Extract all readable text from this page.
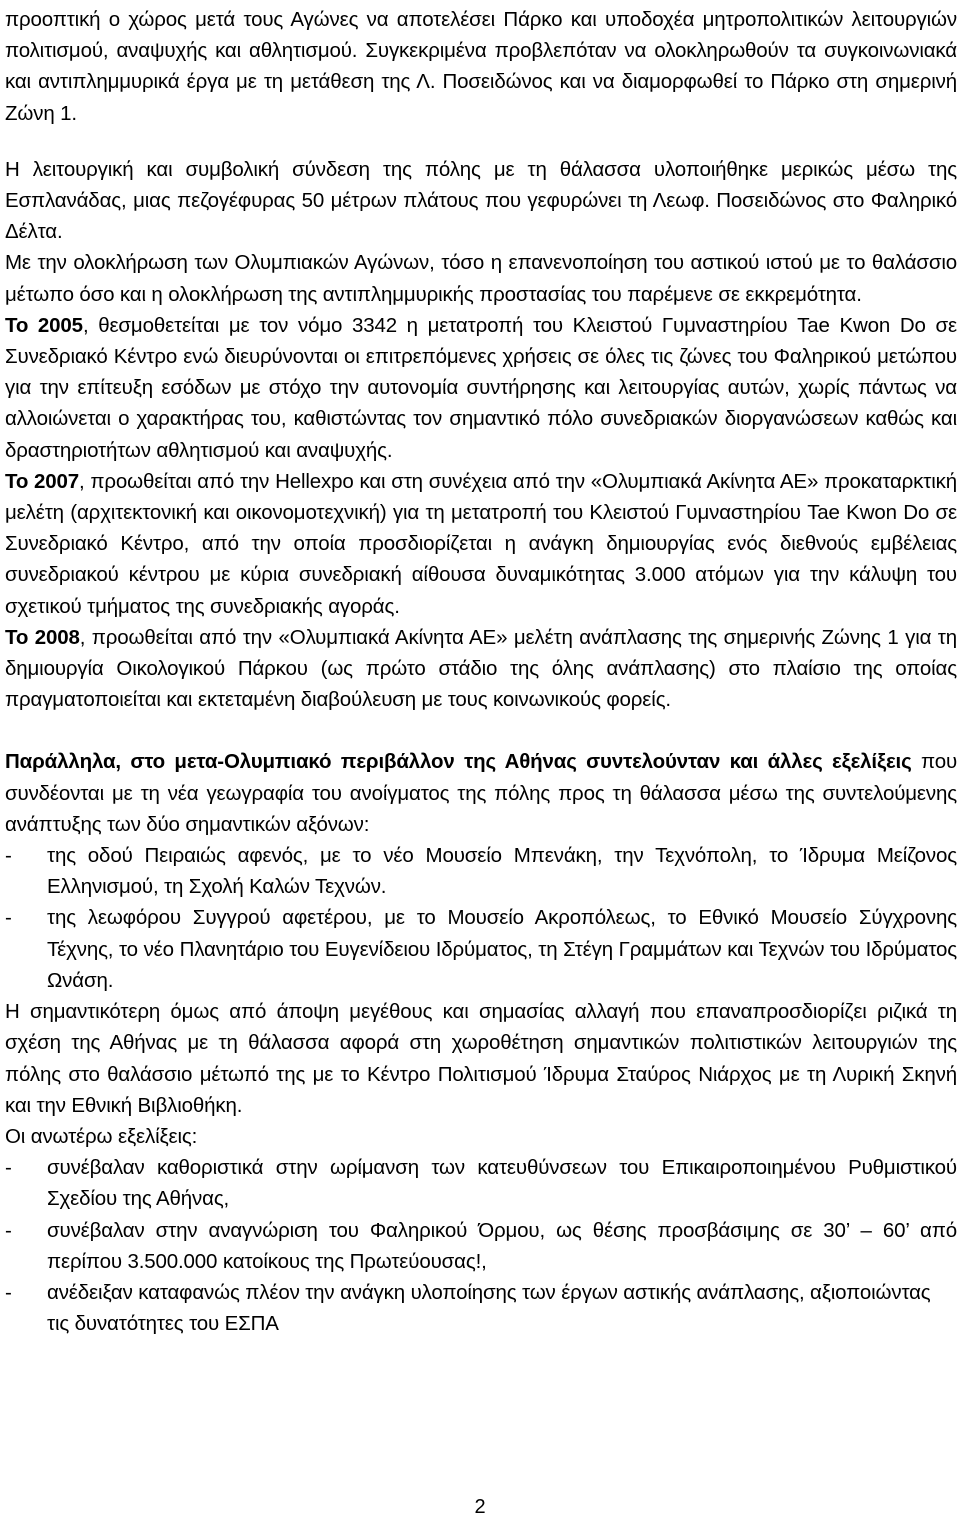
προοπτική ο χώρος μετά τους Αγώνες να αποτελέσει Πάρκο και υποδοχέα μητροπολιτικών λειτουργιών πολιτισμού, αναψυχής και αθλητισμού. Συγκεκριμένα προβλεπόταν να ολοκληρωθούν τα συγκοινωνιακά και αντιπλημμυρικά έργα με τη μετάθεση της Λ. Ποσειδώνος και να διαμορφωθεί το Πάρκο στη σημερινή Ζώνη 1.

Η λειτουργική και συμβολική σύνδεση της πόλης με τη θάλασσα υλοποιήθηκε μερικώς μέσω της Εσπλανάδας, μιας πεζογέφυρας 50 μέτρων πλάτους που γεφυρώνει τη Λεωφ. Ποσειδώνος στο Φαληρικό Δέλτα.

Με την ολοκλήρωση των Ολυμπιακών Αγώνων, τόσο η επανενοποίηση του αστικού ιστού με το θαλάσσιο μέτωπο όσο και η ολοκλήρωση της αντιπλημμυρικής προστασίας του παρέμενε σε εκκρεμότητα.

Το 2005, θεσμοθετείται με τον νόμο 3342 η μετατροπή του Κλειστού Γυμναστηρίου Tae Kwon Do σε Συνεδριακό Κέντρο ενώ διευρύνονται οι επιτρεπόμενες χρήσεις σε όλες τις ζώνες του Φαληρικού μετώπου για την επίτευξη εσόδων με στόχο την αυτονομία συντήρησης και λειτουργίας αυτών, χωρίς πάντως να αλλοιώνεται ο χαρακτήρας του, καθιστώντας τον σημαντικό πόλο συνεδριακών διοργανώσεων καθώς και δραστηριοτήτων αθλητισμού και αναψυχής.

Το 2007, προωθείται από την Hellexpo και στη συνέχεια από την «Ολυμπιακά Ακίνητα ΑΕ» προκαταρκτική μελέτη (αρχιτεκτονική και οικονομοτεχνική) για τη μετατροπή του Κλειστού Γυμναστηρίου Tae Kwon Do σε Συνεδριακό Κέντρο, από την οποία προσδιορίζεται η ανάγκη δημιουργίας ενός διεθνούς εμβέλειας συνεδριακού κέντρου με κύρια συνεδριακή αίθουσα δυναμικότητας 3.000 ατόμων για την κάλυψη του σχετικού τμήματος της συνεδριακής αγοράς.

Το 2008, προωθείται από την «Ολυμπιακά Ακίνητα ΑΕ» μελέτη ανάπλασης της σημερινής Ζώνης 1 για τη δημιουργία Οικολογικού Πάρκου (ως πρώτο στάδιο της όλης ανάπλασης) στο πλαίσιο της οποίας πραγματοποιείται και εκτεταμένη διαβούλευση με τους κοινωνικούς φορείς.

Παράλληλα, στο μετα-Ολυμπιακό περιβάλλον της Αθήνας συντελούνταν και άλλες εξελίξεις που συνδέονται με τη νέα γεωγραφία του ανοίγματος της πόλης προς τη θάλασσα μέσω της συντελούμενης ανάπτυξης των δύο σημαντικών αξόνων:

-	της οδού Πειραιώς αφενός, με το νέο Μουσείο Μπενάκη, την Τεχνόπολη, το Ίδρυμα Μείζονος Ελληνισμού, τη Σχολή Καλών Τεχνών.
-	της λεωφόρου Συγγρού αφετέρου, με το Μουσείο Ακροπόλεως, το Εθνικό Μουσείο Σύγχρονης Τέχνης, το νέο Πλανητάριο του Ευγενίδειου Ιδρύματος, τη Στέγη Γραμμάτων και Τεχνών του Ιδρύματος Ωνάση.

Η σημαντικότερη όμως από άποψη μεγέθους και σημασίας αλλαγή που επαναπροσδιορίζει ριζικά τη σχέση της Αθήνας με τη θάλασσα αφορά στη χωροθέτηση σημαντικών πολιτιστικών λειτουργιών της πόλης στο θαλάσσιο μέτωπό της με το Κέντρο Πολιτισμού Ίδρυμα Σταύρος Νιάρχος με τη Λυρική Σκηνή και την Εθνική Βιβλιοθήκη.

Οι ανωτέρω εξελίξεις:

-	συνέβαλαν καθοριστικά στην ωρίμανση των κατευθύνσεων του Επικαιροποιημένου Ρυθμιστικού Σχεδίου της Αθήνας,
-	συνέβαλαν στην αναγνώριση του Φαληρικού Όρμου, ως θέσης προσβάσιμης σε 30’ – 60’ από περίπου 3.500.000 κατοίκους της Πρωτεύουσας!,
-	ανέδειξαν καταφανώς πλέον την ανάγκη υλοποίησης των έργων αστικής ανάπλασης, αξιοποιώντας τις δυνατότητες του ΕΣΠΑ
2
